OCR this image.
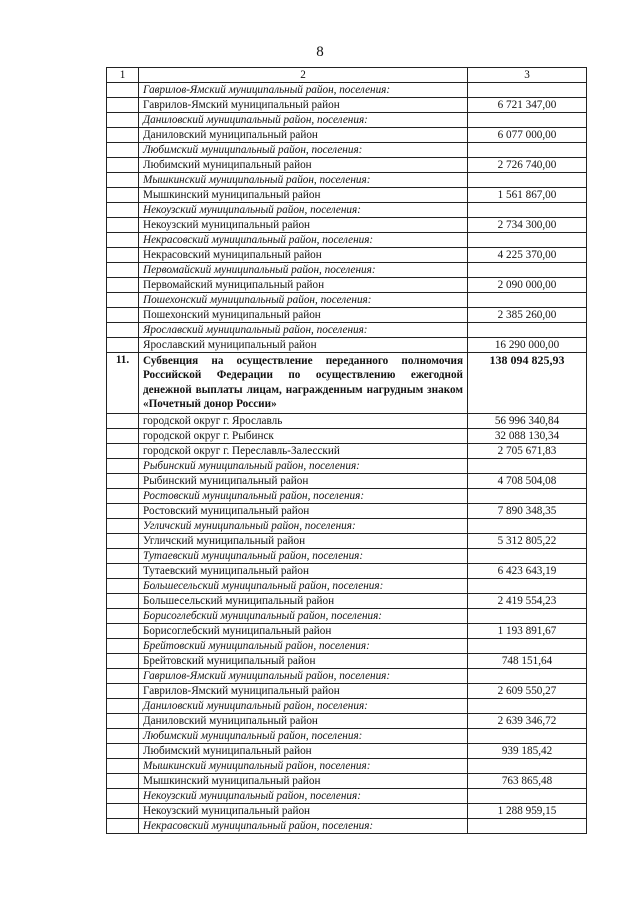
8
1	2	3
	Гаврилов-Ямский муниципальный район, поселения:	
	Гаврилов-Ямский муниципальный район	6 721 347,00
	Даниловский муниципальный район, поселения:	
	Даниловский муниципальный район	6 077 000,00
	Любимский муниципальный район, поселения:	
	Любимский муниципальный район	2 726 740,00
	Мышкинский муниципальный район, поселения:	
	Мышкинский муниципальный район	1 561 867,00
	Некоузский муниципальный район, поселения:	
	Некоузский муниципальный район	2 734 300,00
	Некрасовский муниципальный район, поселения:	
	Некрасовский муниципальный район	4 225 370,00
	Первомайский муниципальный район, поселения:	
	Первомайский муниципальный район	2 090 000,00
	Пошехонский муниципальный район, поселения:	
	Пошехонский муниципальный район	2 385 260,00
	Ярославский муниципальный район, поселения:	
	Ярославский муниципальный район	16 290 000,00
11.	Субвенция на осуществление переданного полномочия Российской Федерации по осуществлению ежегодной денежной выплаты лицам, награжденным нагрудным знаком «Почетный донор России»	138 094 825,93
	городской округ г. Ярославль	56 996 340,84
	городской округ г. Рыбинск	32 088 130,34
	городской округ г. Переславль-Залесский	2 705 671,83
	Рыбинский муниципальный район, поселения:	
	Рыбинский муниципальный район	4 708 504,08
	Ростовский муниципальный район, поселения:	
	Ростовский муниципальный район	7 890 348,35
	Угличский муниципальный район, поселения:	
	Угличский муниципальный район	5 312 805,22
	Тутаевский муниципальный район, поселения:	
	Тутаевский муниципальный район	6 423 643,19
	Большесельский муниципальный район, поселения:	
	Большесельский муниципальный район	2 419 554,23
	Борисоглебский муниципальный район, поселения:	
	Борисоглебский муниципальный район	1 193 891,67
	Брейтовский муниципальный район, поселения:	
	Брейтовский муниципальный район	748 151,64
	Гаврилов-Ямский муниципальный район, поселения:	
	Гаврилов-Ямский муниципальный район	2 609 550,27
	Даниловский муниципальный район, поселения:	
	Даниловский муниципальный район	2 639 346,72
	Любимский муниципальный район, поселения:	
	Любимский муниципальный район	939 185,42
	Мышкинский муниципальный район, поселения:	
	Мышкинский муниципальный район	763 865,48
	Некоузский муниципальный район, поселения:	
	Некоузский муниципальный район	1 288 959,15
	Некрасовский муниципальный район, поселения:	
